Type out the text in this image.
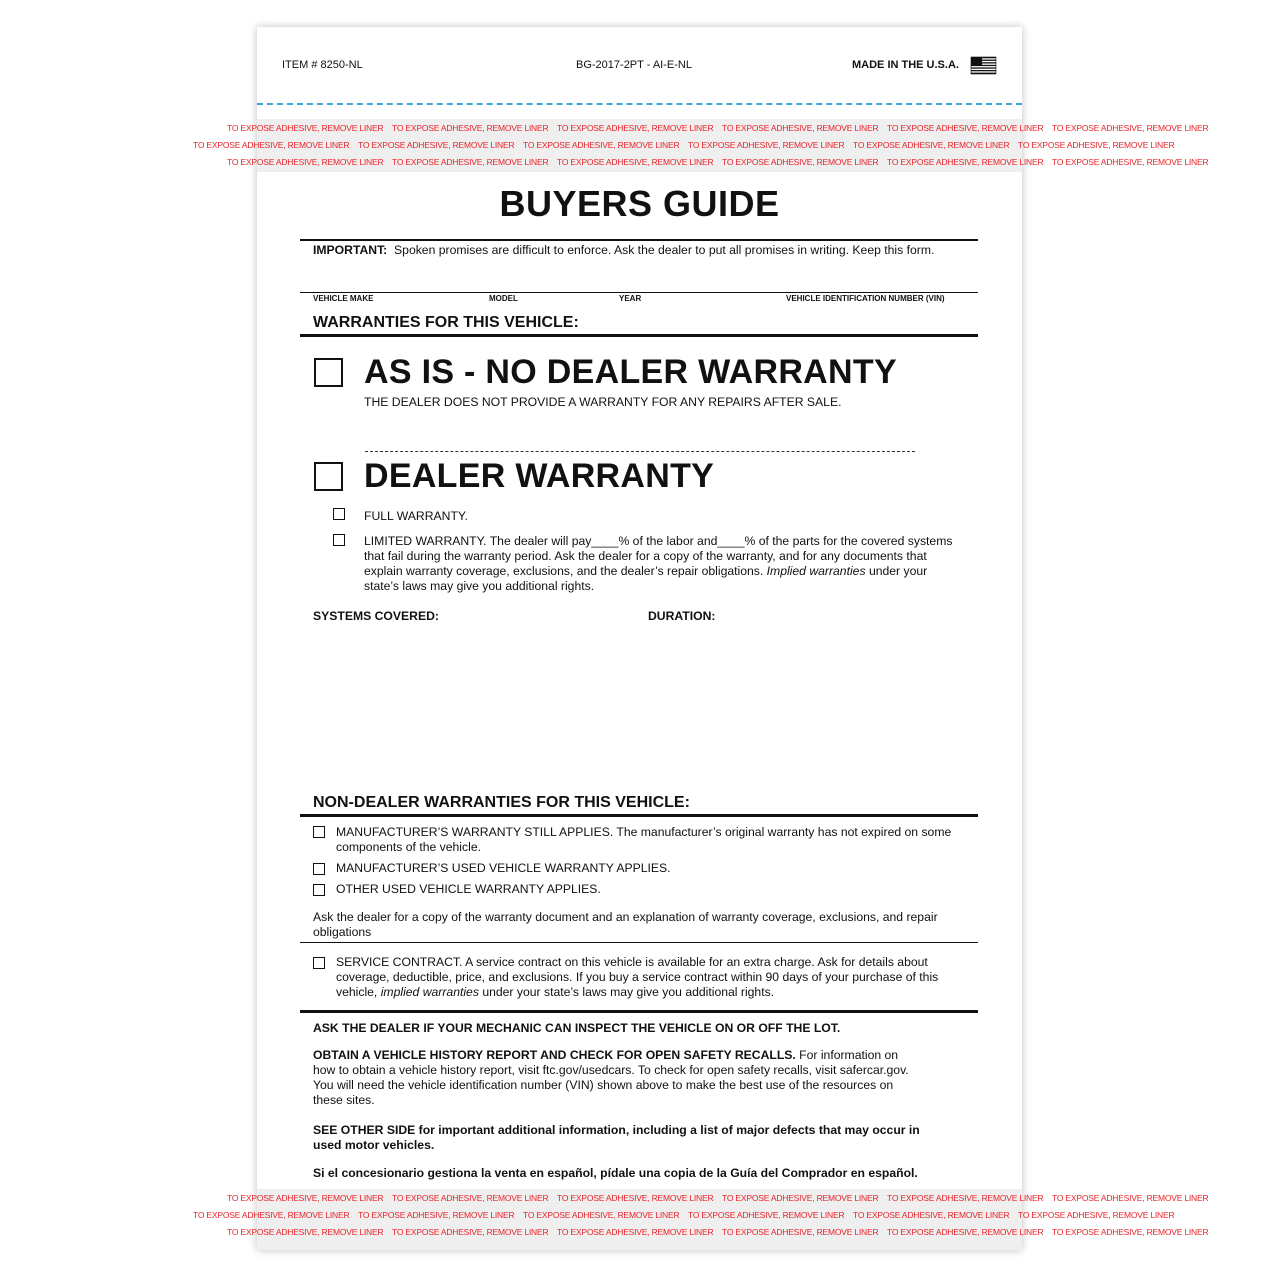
ITEM # 8250-NL	BG-2017-2PT - AI-E-NL	MADE IN THE U.S.A.
TO EXPOSE ADHESIVE, REMOVE LINER TO EXPOSE ADHESIVE, REMOVE LINER TO EXPOSE ADHESIVE, REMOVE LINER TO EXPOSE ADHESIVE, REMOVE LINER TO EXPOSE ADHESIVE, REMOVE LINER TO EXPOSE ADHESIVE, REMOVE LINER
TO EXPOSE ADHESIVE, REMOVE LINER TO EXPOSE ADHESIVE, REMOVE LINER TO EXPOSE ADHESIVE, REMOVE LINER TO EXPOSE ADHESIVE, REMOVE LINER TO EXPOSE ADHESIVE, REMOVE LINER TO EXPOSE ADHESIVE, REMOVE LINER
TO EXPOSE ADHESIVE, REMOVE LINER TO EXPOSE ADHESIVE, REMOVE LINER TO EXPOSE ADHESIVE, REMOVE LINER TO EXPOSE ADHESIVE, REMOVE LINER TO EXPOSE ADHESIVE, REMOVE LINER TO EXPOSE ADHESIVE, REMOVE LINER
BUYERS GUIDE
IMPORTANT: Spoken promises are difficult to enforce. Ask the dealer to put all promises in writing. Keep this form.
VEHICLE MAKE	MODEL	YEAR	VEHICLE IDENTIFICATION NUMBER (VIN)
WARRANTIES FOR THIS VEHICLE:
AS IS - NO DEALER WARRANTY
THE DEALER DOES NOT PROVIDE A WARRANTY FOR ANY REPAIRS AFTER SALE.
DEALER WARRANTY
FULL WARRANTY.
LIMITED WARRANTY. The dealer will pay____% of the labor and____% of the parts for the covered systems
that fail during the warranty period. Ask the dealer for a copy of the warranty, and for any documents that
explain warranty coverage, exclusions, and the dealer’s repair obligations. Implied warranties under your
state’s laws may give you additional rights.
SYSTEMS COVERED:	DURATION:
NON-DEALER WARRANTIES FOR THIS VEHICLE:
MANUFACTURER’S WARRANTY STILL APPLIES. The manufacturer’s original warranty has not expired on some
components of the vehicle.
MANUFACTURER’S USED VEHICLE WARRANTY APPLIES.
OTHER USED VEHICLE WARRANTY APPLIES.
Ask the dealer for a copy of the warranty document and an explanation of warranty coverage, exclusions, and repair
obligations
SERVICE CONTRACT. A service contract on this vehicle is available for an extra charge. Ask for details about
coverage, deductible, price, and exclusions. If you buy a service contract within 90 days of your purchase of this
vehicle, implied warranties under your state’s laws may give you additional rights.
ASK THE DEALER IF YOUR MECHANIC CAN INSPECT THE VEHICLE ON OR OFF THE LOT.
OBTAIN A VEHICLE HISTORY REPORT AND CHECK FOR OPEN SAFETY RECALLS. For information on
how to obtain a vehicle history report, visit ftc.gov/usedcars. To check for open safety recalls, visit safercar.gov.
You will need the vehicle identification number (VIN) shown above to make the best use of the resources on
these sites.
SEE OTHER SIDE for important additional information, including a list of major defects that may occur in
used motor vehicles.
Si el concesionario gestiona la venta en español, pídale una copia de la Guía del Comprador en español.
TO EXPOSE ADHESIVE, REMOVE LINER TO EXPOSE ADHESIVE, REMOVE LINER TO EXPOSE ADHESIVE, REMOVE LINER TO EXPOSE ADHESIVE, REMOVE LINER TO EXPOSE ADHESIVE, REMOVE LINER TO EXPOSE ADHESIVE, REMOVE LINER
TO EXPOSE ADHESIVE, REMOVE LINER TO EXPOSE ADHESIVE, REMOVE LINER TO EXPOSE ADHESIVE, REMOVE LINER TO EXPOSE ADHESIVE, REMOVE LINER TO EXPOSE ADHESIVE, REMOVE LINER TO EXPOSE ADHESIVE, REMOVE LINER
TO EXPOSE ADHESIVE, REMOVE LINER TO EXPOSE ADHESIVE, REMOVE LINER TO EXPOSE ADHESIVE, REMOVE LINER TO EXPOSE ADHESIVE, REMOVE LINER TO EXPOSE ADHESIVE, REMOVE LINER TO EXPOSE ADHESIVE, REMOVE LINER
